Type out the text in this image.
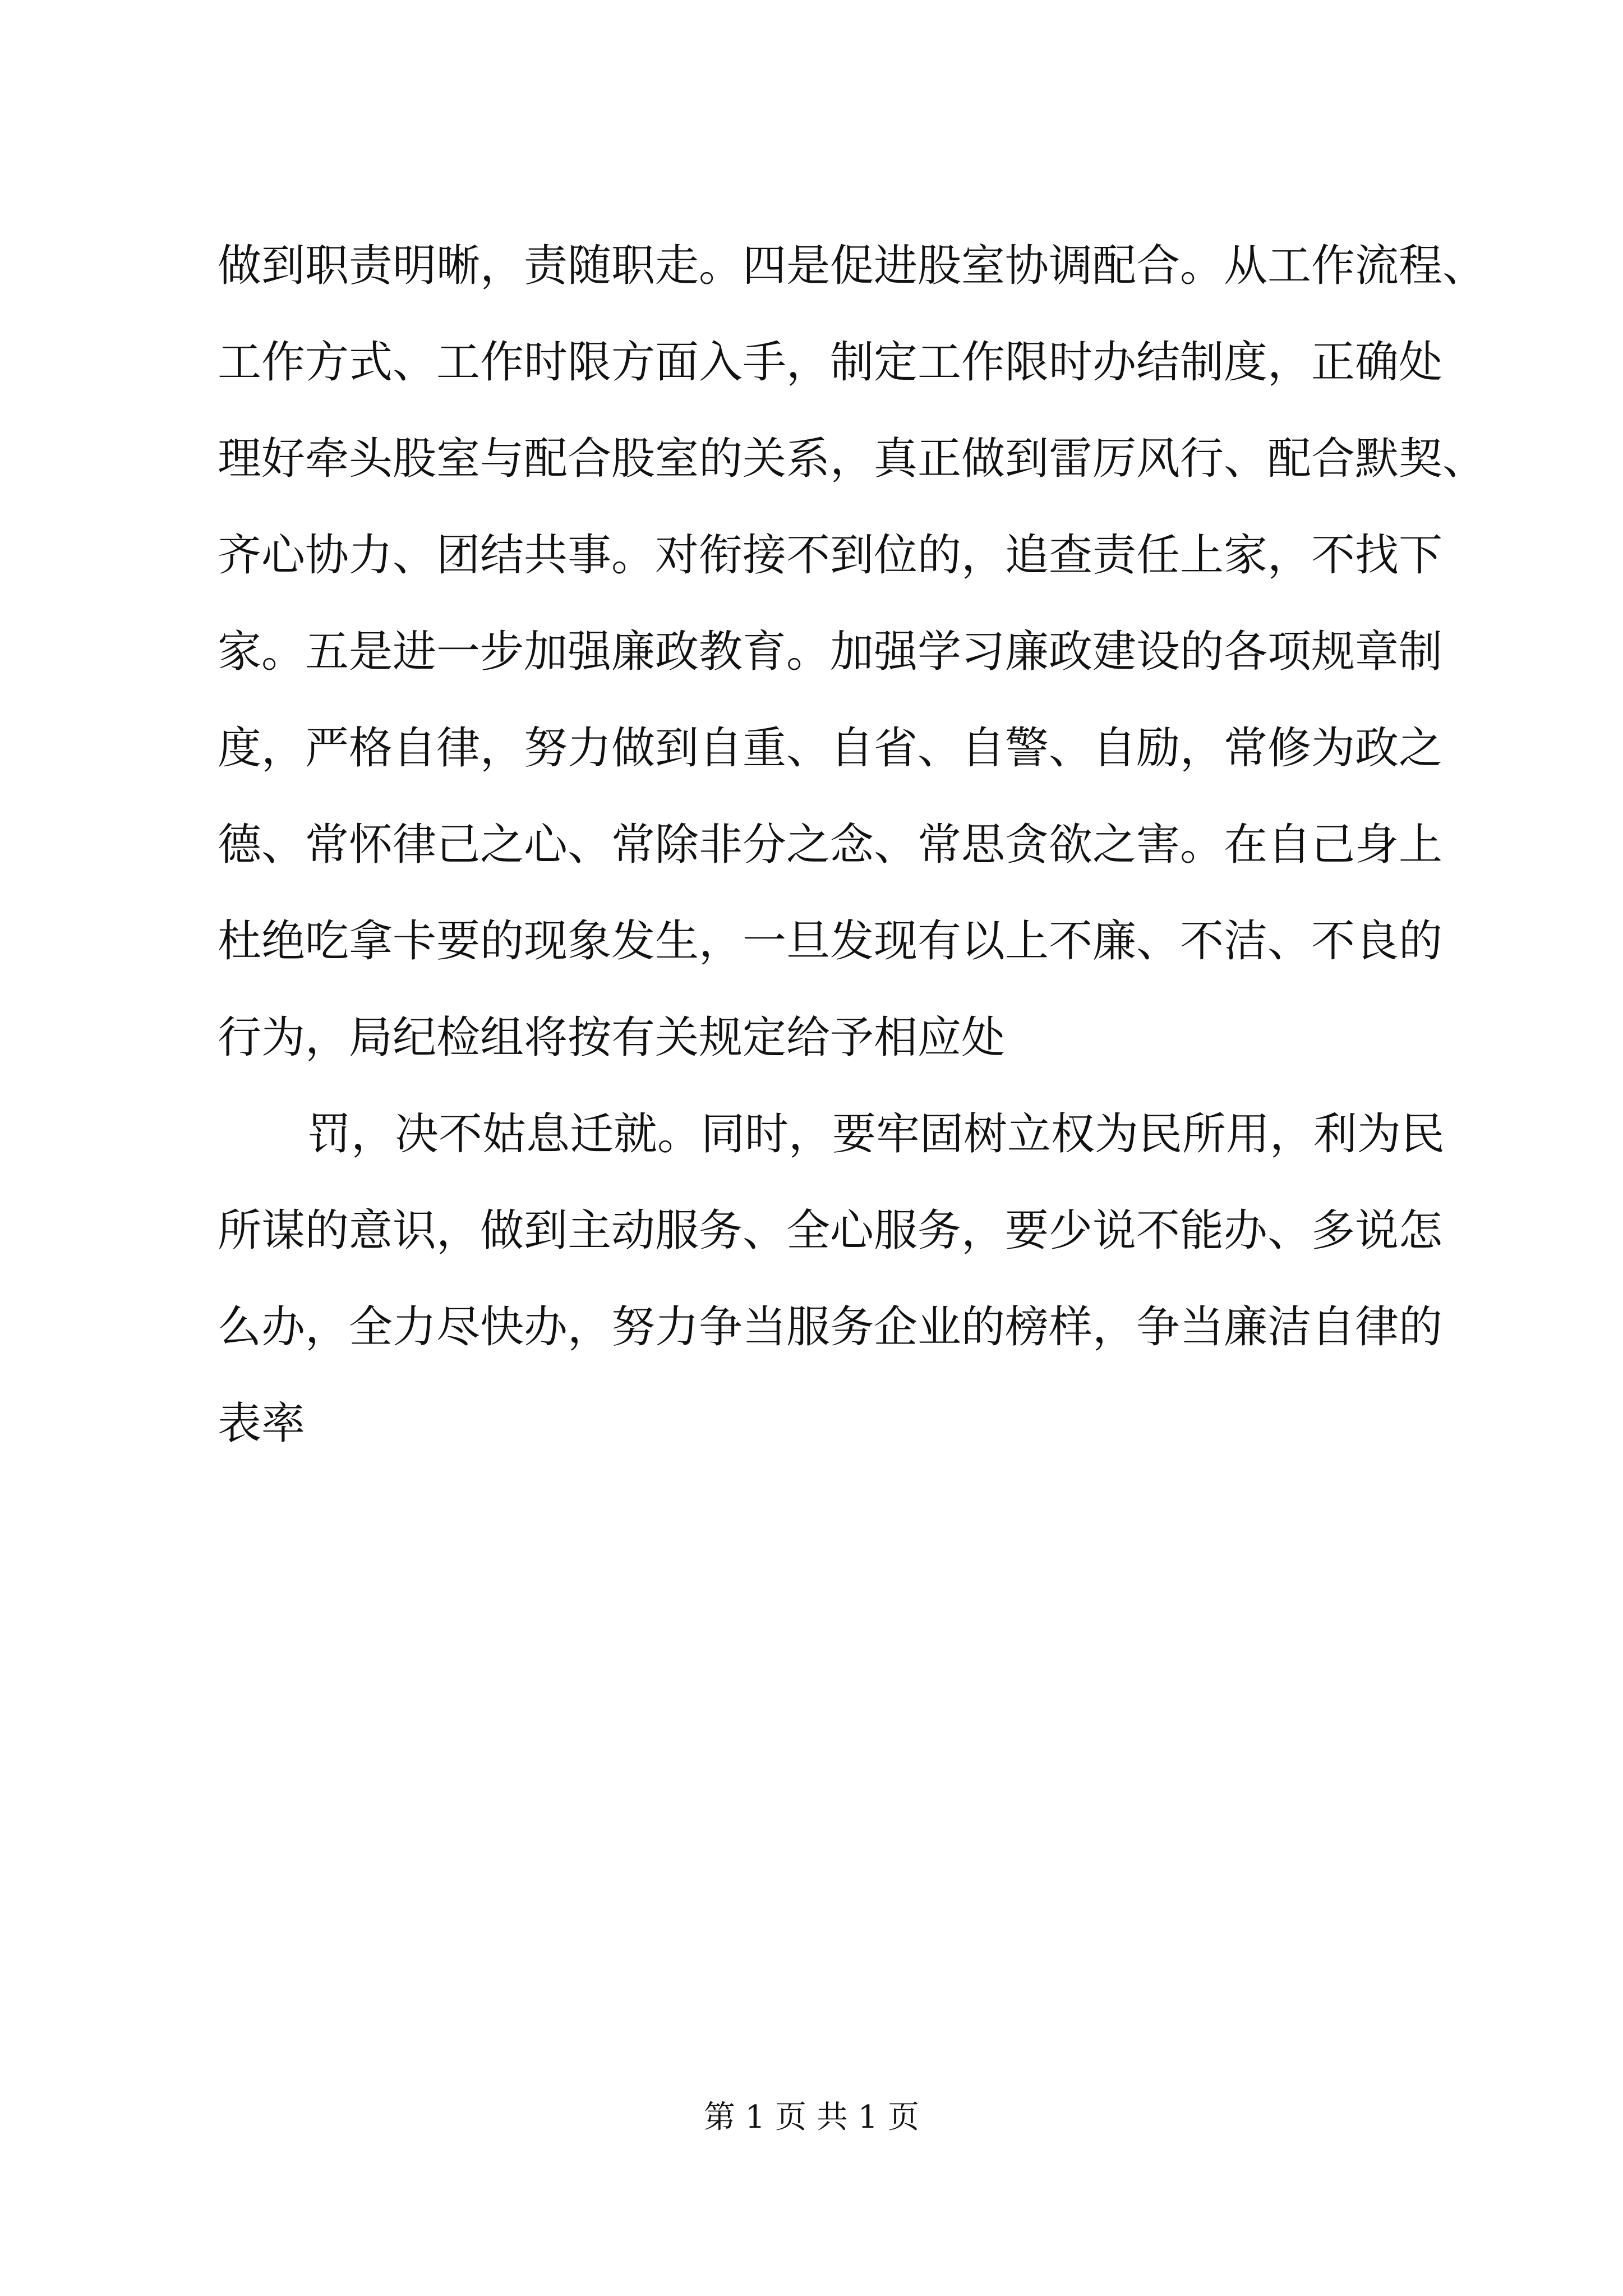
做到职责明晰，责随职走。四是促进股室协调配合。从工作流程、
工作方式、工作时限方面入手，制定工作限时办结制度，正确处
理好牵头股室与配合股室的关系，真正做到雷厉风行、配合默契、
齐心协力、团结共事。对衔接不到位的，追查责任上家，不找下
家。五是进一步加强廉政教育。加强学习廉政建设的各项规章制
度，严格自律，努力做到自重、自省、自警、自励，常修为政之
德、常怀律己之心、常除非分之念、常思贪欲之害。在自己身上
杜绝吃拿卡要的现象发生，一旦发现有以上不廉、不洁、不良的
行为，局纪检组将按有关规定给予相应处
罚，决不姑息迁就。同时，要牢固树立权为民所用，利为民
所谋的意识，做到主动服务、全心服务，要少说不能办、多说怎
么办，全力尽快办，努力争当服务企业的榜样，争当廉洁自律的
表率
第 1 页 共 1 页
